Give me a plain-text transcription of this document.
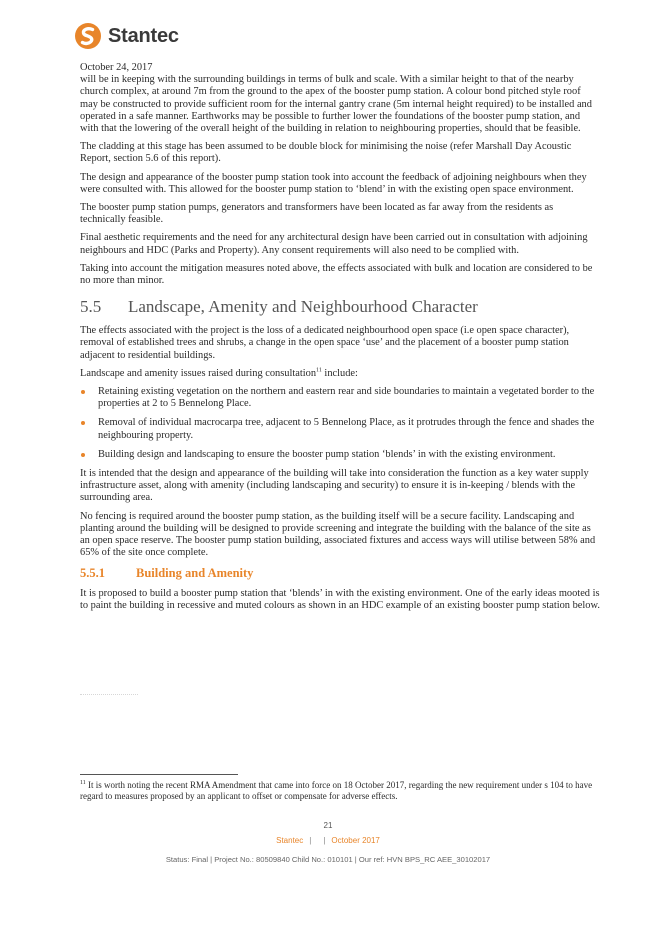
Stantec

October 24, 2017

will be in keeping with the surrounding buildings in terms of bulk and scale. With a similar height to that of the nearby church complex, at around 7m from the ground to the apex of the booster pump station. A colour bond pitched style roof may be constructed to provide sufficient room for the internal gantry crane (5m internal height required) to be installed and operated in a safe manner. Earthworks may be possible to further lower the foundations of the booster pump station, and with that the lowering of the overall height of the building in relation to neighbouring properties, should that be feasible.

The cladding at this stage has been assumed to be double block for minimising the noise (refer Marshall Day Acoustic Report, section 5.6 of this report).

The design and appearance of the booster pump station took into account the feedback of adjoining neighbours when they were consulted with. This allowed for the booster pump station to ‘blend’ in with the existing open space environment.

The booster pump station pumps, generators and transformers have been located as far away from the residents as technically feasible.

Final aesthetic requirements and the need for any architectural design have been carried out in consultation with adjoining neighbours and HDC (Parks and Property). Any consent requirements will also need to be complied with.

Taking into account the mitigation measures noted above, the effects associated with bulk and location are considered to be no more than minor.

5.5 Landscape, Amenity and Neighbourhood Character

The effects associated with the project is the loss of a dedicated neighbourhood open space (i.e open space character), removal of established trees and shrubs, a change in the open space ‘use’ and the placement of a booster pump station adjacent to residential buildings.

Landscape and amenity issues raised during consultation$^{11}$ include:

Retaining existing vegetation on the northern and eastern rear and side boundaries to maintain a vegetated border to the properties at 2 to 5 Bennelong Place.
Removal of individual macrocarpa tree, adjacent to 5 Bennelong Place, as it protrudes through the fence and shades the neighbouring property.
Building design and landscaping to ensure the booster pump station ‘blends’ in with the existing environment.

It is intended that the design and appearance of the building will take into consideration the function as a key water supply infrastructure asset, along with amenity (including landscaping and security) to ensure it is in-keeping / blends with the surrounding area.

No fencing is required around the booster pump station, as the building itself will be a secure facility. Landscaping and planting around the building will be designed to provide screening and integrate the building with the balance of the site as an open space reserve. The booster pump station building, associated fixtures and access ways will utilise between 58% and 65% of the site once complete.

5.5.1 Building and Amenity

It is proposed to build a booster pump station that ‘blends’ in with the existing environment. One of the early ideas mooted is to paint the building in recessive and muted colours as shown in an HDC example of an existing booster pump station below.

$^{11}$ It is worth noting the recent RMA Amendment that came into force on 18 October 2017, regarding the new requirement under s 104 to have regard to measures proposed by an applicant to offset or compensate for adverse effects.
21
Stantec | | October 2017
Status: Final | Project No.: 80509840 Child No.: 010101 | Our ref: HVN BPS_RC AEE_30102017
